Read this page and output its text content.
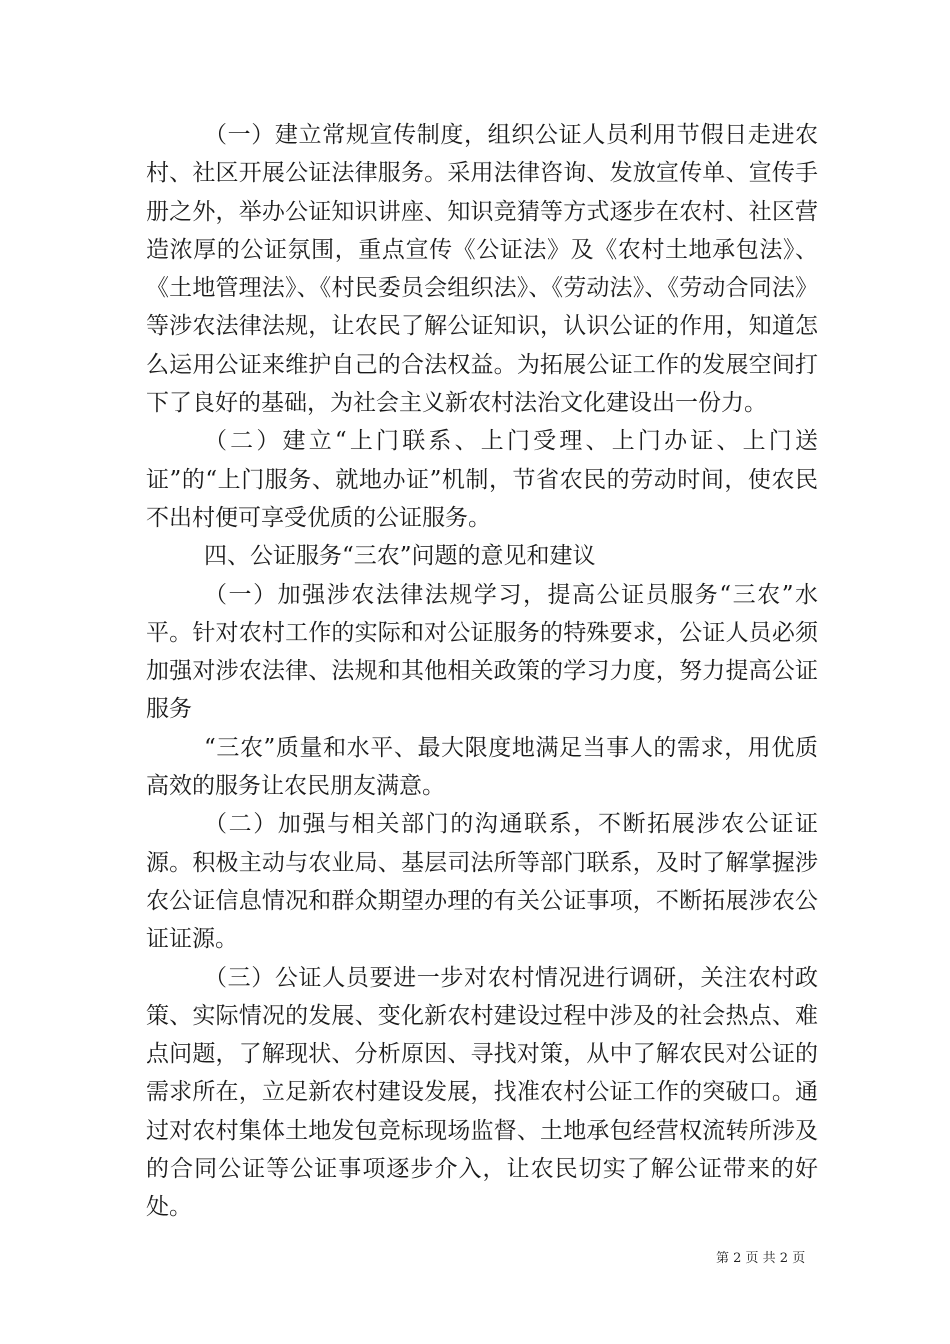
（一）建立常规宣传制度，组织公证人员利用节假日走进农村、社区开展公证法律服务。采用法律咨询、发放宣传单、宣传手册之外，举办公证知识讲座、知识竞猜等方式逐步在农村、社区营造浓厚的公证氛围，重点宣传《公证法》及《农村土地承包法》、《土地管理法》、《村民委员会组织法》、《劳动法》、《劳动合同法》等涉农法律法规，让农民了解公证知识，认识公证的作用，知道怎么运用公证来维护自己的合法权益。为拓展公证工作的发展空间打下了良好的基础，为社会主义新农村法治文化建设出一份力。

（二）建立“上门联系、上门受理、上门办证、上门送证”的“上门服务、就地办证”机制，节省农民的劳动时间，使农民不出村便可享受优质的公证服务。

四、公证服务“三农”问题的意见和建议

（一）加强涉农法律法规学习，提高公证员服务“三农”水平。针对农村工作的实际和对公证服务的特殊要求，公证人员必须加强对涉农法律、法规和其他相关政策的学习力度，努力提高公证服务

“三农”质量和水平、最大限度地满足当事人的需求，用优质高效的服务让农民朋友满意。

（二）加强与相关部门的沟通联系，不断拓展涉农公证证源。积极主动与农业局、基层司法所等部门联系，及时了解掌握涉农公证信息情况和群众期望办理的有关公证事项，不断拓展涉农公证证源。

（三）公证人员要进一步对农村情况进行调研，关注农村政策、实际情况的发展、变化新农村建设过程中涉及的社会热点、难点问题，了解现状、分析原因、寻找对策，从中了解农民对公证的需求所在，立足新农村建设发展，找准农村公证工作的突破口。通过对农村集体土地发包竞标现场监督、土地承包经营权流转所涉及的合同公证等公证事项逐步介入，让农民切实了解公证带来的好处。

第 2 页 共 2 页
